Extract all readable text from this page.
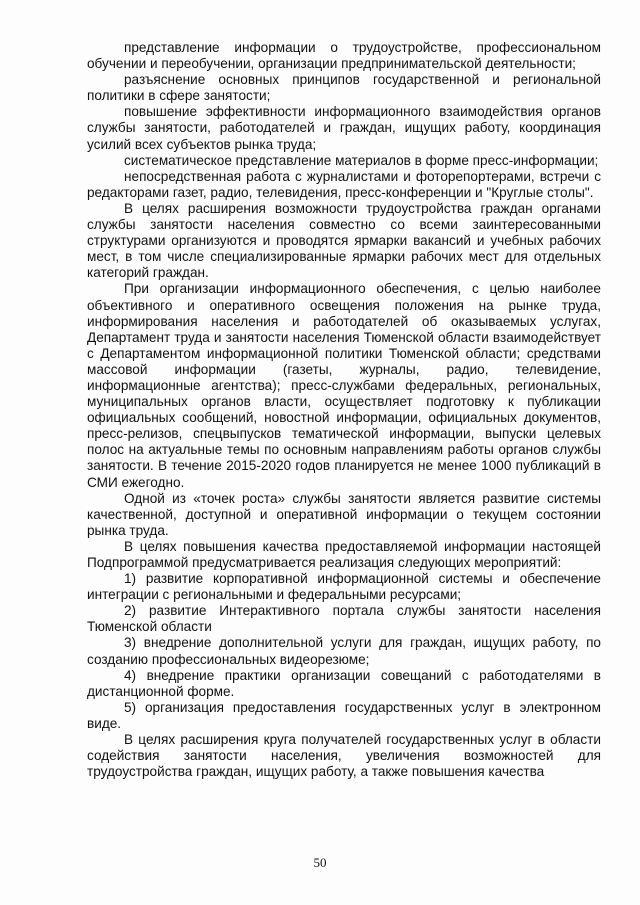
представление информации о трудоустройстве, профессиональном обучении и переобучении, организации предпринимательской деятельности;

разъяснение основных принципов государственной и региональной политики в сфере занятости;

повышение эффективности информационного взаимодействия органов службы занятости, работодателей и граждан, ищущих работу, координация усилий всех субъектов рынка труда;

систематическое представление материалов в форме пресс-информации;

непосредственная работа с журналистами и фоторепортерами, встречи с редакторами газет, радио, телевидения, пресс-конференции и "Круглые столы".

В целях расширения возможности трудоустройства граждан органами службы занятости населения совместно со всеми заинтересованными структурами организуются и проводятся ярмарки вакансий и учебных рабочих мест, в том числе специализированные ярмарки рабочих мест для отдельных категорий граждан.

При организации информационного обеспечения, с целью наиболее объективного и оперативного освещения положения на рынке труда, информирования населения и работодателей об оказываемых услугах, Департамент труда и занятости населения Тюменской области взаимодействует с Департаментом информационной политики Тюменской области; средствами массовой информации (газеты, журналы, радио, телевидение, информационные агентства); пресс-службами федеральных, региональных, муниципальных органов власти, осуществляет подготовку к публикации официальных сообщений, новостной информации, официальных документов, пресс-релизов, спецвыпусков тематической информации, выпуски целевых полос на актуальные темы по основным направлениям работы органов службы занятости. В течение 2015-2020 годов планируется не менее 1000 публикаций в СМИ ежегодно.

Одной из «точек роста» службы занятости является развитие системы качественной, доступной и оперативной информации о текущем состоянии рынка труда.

В целях повышения качества предоставляемой информации настоящей Подпрограммой предусматривается реализация следующих мероприятий:

1) развитие корпоративной информационной системы и обеспечение интеграции с региональными и федеральными ресурсами;

2) развитие Интерактивного портала службы занятости населения Тюменской области

3) внедрение дополнительной услуги для граждан, ищущих работу, по созданию профессиональных видеорезюме;

4) внедрение практики организации совещаний с работодателями в дистанционной форме.

5) организация предоставления государственных услуг в электронном виде.

В целях расширения круга получателей государственных услуг в области содействия занятости населения, увеличения возможностей для трудоустройства граждан, ищущих работу, а также повышения качества

50
